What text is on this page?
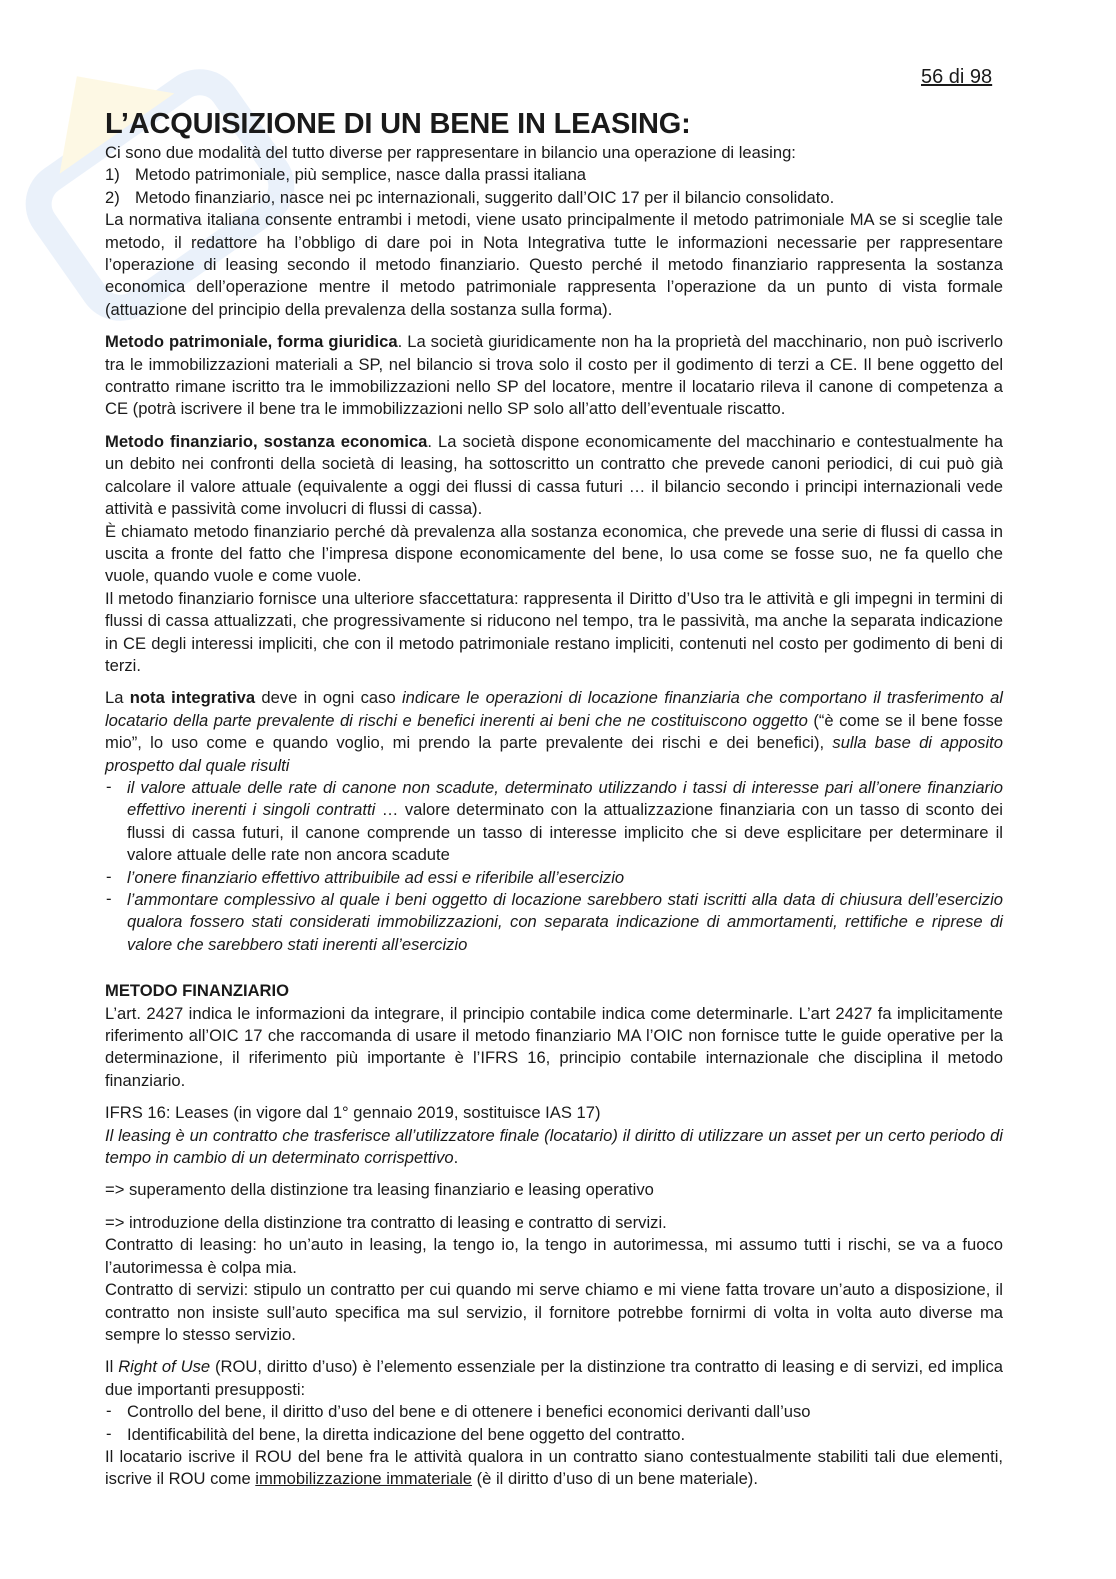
56 di 98
L’ACQUISIZIONE DI UN BENE IN LEASING:

Ci sono due modalità del tutto diverse per rappresentare in bilancio una operazione di leasing:

1) Metodo patrimoniale, più semplice, nasce dalla prassi italiana
2) Metodo finanziario, nasce nei pc internazionali, suggerito dall’OIC 17 per il bilancio consolidato.

La normativa italiana consente entrambi i metodi, viene usato principalmente il metodo patrimoniale MA se si sceglie tale metodo, il redattore ha l’obbligo di dare poi in Nota Integrativa tutte le informazioni necessarie per rappresentare l’operazione di leasing secondo il metodo finanziario. Questo perché il metodo finanziario rappresenta la sostanza economica dell’operazione mentre il metodo patrimoniale rappresenta l’operazione da un punto di vista formale (attuazione del principio della prevalenza della sostanza sulla forma).

Metodo patrimoniale, forma giuridica. La società giuridicamente non ha la proprietà del macchinario, non può iscriverlo tra le immobilizzazioni materiali a SP, nel bilancio si trova solo il costo per il godimento di terzi a CE. Il bene oggetto del contratto rimane iscritto tra le immobilizzazioni nello SP del locatore, mentre il locatario rileva il canone di competenza a CE (potrà iscrivere il bene tra le immobilizzazioni nello SP solo all’atto dell’eventuale riscatto.

Metodo finanziario, sostanza economica. La società dispone economicamente del macchinario e contestualmente ha un debito nei confronti della società di leasing, ha sottoscritto un contratto che prevede canoni periodici, di cui può già calcolare il valore attuale (equivalente a oggi dei flussi di cassa futuri … il bilancio secondo i principi internazionali vede attività e passività come involucri di flussi di cassa).

È chiamato metodo finanziario perché dà prevalenza alla sostanza economica, che prevede una serie di flussi di cassa in uscita a fronte del fatto che l’impresa dispone economicamente del bene, lo usa come se fosse suo, ne fa quello che vuole, quando vuole e come vuole.

Il metodo finanziario fornisce una ulteriore sfaccettatura: rappresenta il Diritto d’Uso tra le attività e gli impegni in termini di flussi di cassa attualizzati, che progressivamente si riducono nel tempo, tra le passività, ma anche la separata indicazione in CE degli interessi impliciti, che con il metodo patrimoniale restano impliciti, contenuti nel costo per godimento di beni di terzi.

La nota integrativa deve in ogni caso indicare le operazioni di locazione finanziaria che comportano il trasferimento al locatario della parte prevalente di rischi e benefici inerenti ai beni che ne costituiscono oggetto (“è come se il bene fosse mio”, lo uso come e quando voglio, mi prendo la parte prevalente dei rischi e dei benefici), sulla base di apposito prospetto dal quale risulti

- il valore attuale delle rate di canone non scadute, determinato utilizzando i tassi di interesse pari all’onere finanziario effettivo inerenti i singoli contratti … valore determinato con la attualizzazione finanziaria con un tasso di sconto dei flussi di cassa futuri, il canone comprende un tasso di interesse implicito che si deve esplicitare per determinare il valore attuale delle rate non ancora scadute
- l’onere finanziario effettivo attribuibile ad essi e riferibile all’esercizio
- l’ammontare complessivo al quale i beni oggetto di locazione sarebbero stati iscritti alla data di chiusura dell’esercizio qualora fossero stati considerati immobilizzazioni, con separata indicazione di ammortamenti, rettifiche e riprese di valore che sarebbero stati inerenti all’esercizio

METODO FINANZIARIO

L’art. 2427 indica le informazioni da integrare, il principio contabile indica come determinarle. L’art 2427 fa implicitamente riferimento all’OIC 17 che raccomanda di usare il metodo finanziario MA l’OIC non fornisce tutte le guide operative per la determinazione, il riferimento più importante è l’IFRS 16, principio contabile internazionale che disciplina il metodo finanziario.

IFRS 16: Leases (in vigore dal 1° gennaio 2019, sostituisce IAS 17)

Il leasing è un contratto che trasferisce all’utilizzatore finale (locatario) il diritto di utilizzare un asset per un certo periodo di tempo in cambio di un determinato corrispettivo.

=> superamento della distinzione tra leasing finanziario e leasing operativo

=> introduzione della distinzione tra contratto di leasing e contratto di servizi.

Contratto di leasing: ho un’auto in leasing, la tengo io, la tengo in autorimessa, mi assumo tutti i rischi, se va a fuoco l’autorimessa è colpa mia.

Contratto di servizi: stipulo un contratto per cui quando mi serve chiamo e mi viene fatta trovare un’auto a disposizione, il contratto non insiste sull’auto specifica ma sul servizio, il fornitore potrebbe fornirmi di volta in volta auto diverse ma sempre lo stesso servizio.

Il Right of Use (ROU, diritto d’uso) è l’elemento essenziale per la distinzione tra contratto di leasing e di servizi, ed implica due importanti presupposti:

- Controllo del bene, il diritto d’uso del bene e di ottenere i benefici economici derivanti dall’uso
- Identificabilità del bene, la diretta indicazione del bene oggetto del contratto.

Il locatario iscrive il ROU del bene fra le attività qualora in un contratto siano contestualmente stabiliti tali due elementi, iscrive il ROU come immobilizzazione immateriale (è il diritto d’uso di un bene materiale).
